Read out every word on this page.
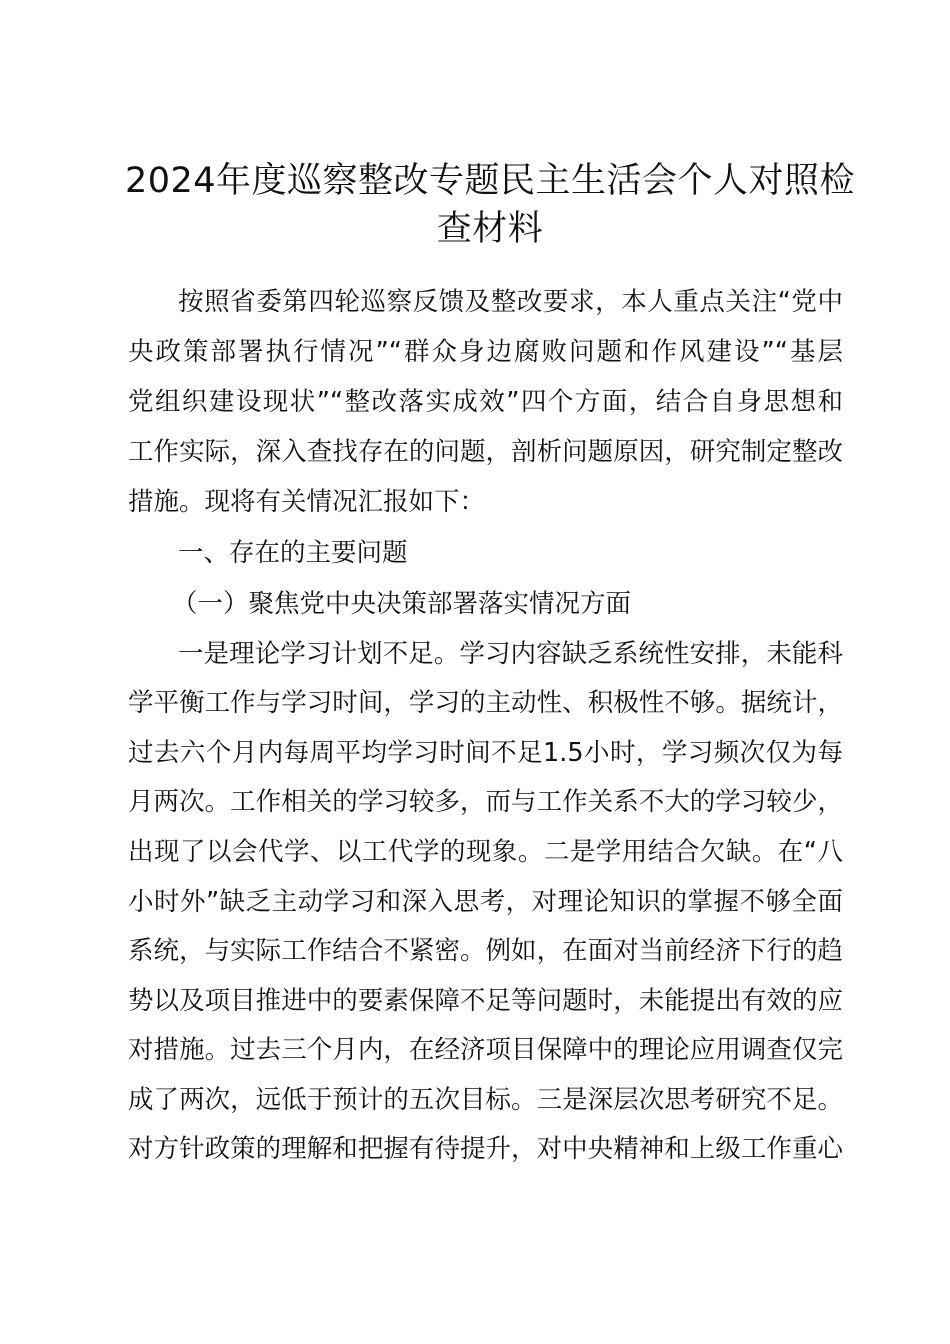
2024年度巡察整改专题民主生活会个人对照检查材料

按照省委第四轮巡察反馈及整改要求，本人重点关注“党中

央政策部署执行情况”“群众身边腐败问题和作风建设”“基层

党组织建设现状”“整改落实成效”四个方面，结合自身思想和

工作实际，深入查找存在的问题，剖析问题原因，研究制定整改

措施。现将有关情况汇报如下：

一、存在的主要问题

（一）聚焦党中央决策部署落实情况方面

一是理论学习计划不足。学习内容缺乏系统性安排，未能科

学平衡工作与学习时间，学习的主动性、积极性不够。据统计，

过去六个月内每周平均学习时间不足1.5小时，学习频次仅为每

月两次。工作相关的学习较多，而与工作关系不大的学习较少，

出现了以会代学、以工代学的现象。二是学用结合欠缺。在“八

小时外”缺乏主动学习和深入思考，对理论知识的掌握不够全面

系统，与实际工作结合不紧密。例如，在面对当前经济下行的趋

势以及项目推进中的要素保障不足等问题时，未能提出有效的应

对措施。过去三个月内，在经济项目保障中的理论应用调查仅完

成了两次，远低于预计的五次目标。三是深层次思考研究不足。

对方针政策的理解和把握有待提升，对中央精神和上级工作重心
